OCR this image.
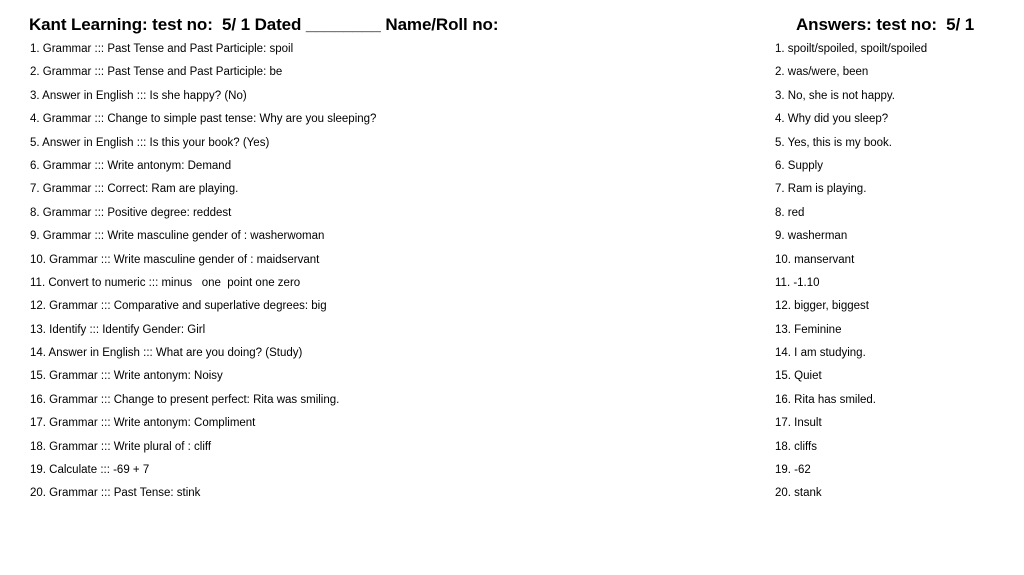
Kant Learning: test no:  5/ 1 Dated ________ Name/Roll no:	Answers: test no:  5/ 1
1. Grammar ::: Past Tense and Past Participle: spoil
2. Grammar ::: Past Tense and Past Participle: be
3. Answer in English ::: Is she happy? (No)
4. Grammar ::: Change to simple past tense: Why are you sleeping?
5. Answer in English ::: Is this your book? (Yes)
6. Grammar ::: Write antonym: Demand
7. Grammar ::: Correct: Ram are playing.
8. Grammar ::: Positive degree: reddest
9. Grammar ::: Write masculine gender of : washerwoman
10. Grammar ::: Write masculine gender of : maidservant
11. Convert to numeric ::: minus   one  point one zero
12. Grammar ::: Comparative and superlative degrees: big
13. Identify ::: Identify Gender: Girl
14. Answer in English ::: What are you doing? (Study)
15. Grammar ::: Write antonym: Noisy
16. Grammar ::: Change to present perfect: Rita was smiling.
17. Grammar ::: Write antonym: Compliment
18. Grammar ::: Write plural of : cliff
19. Calculate ::: -69 + 7
20. Grammar ::: Past Tense: stink
1. spoilt/spoiled, spoilt/spoiled
2. was/were, been
3. No, she is not happy.
4. Why did you sleep?
5. Yes, this is my book.
6. Supply
7. Ram is playing.
8. red
9. washerman
10. manservant
11. -1.10
12. bigger, biggest
13. Feminine
14. I am studying.
15. Quiet
16. Rita has smiled.
17. Insult
18. cliffs
19. -62
20. stank
